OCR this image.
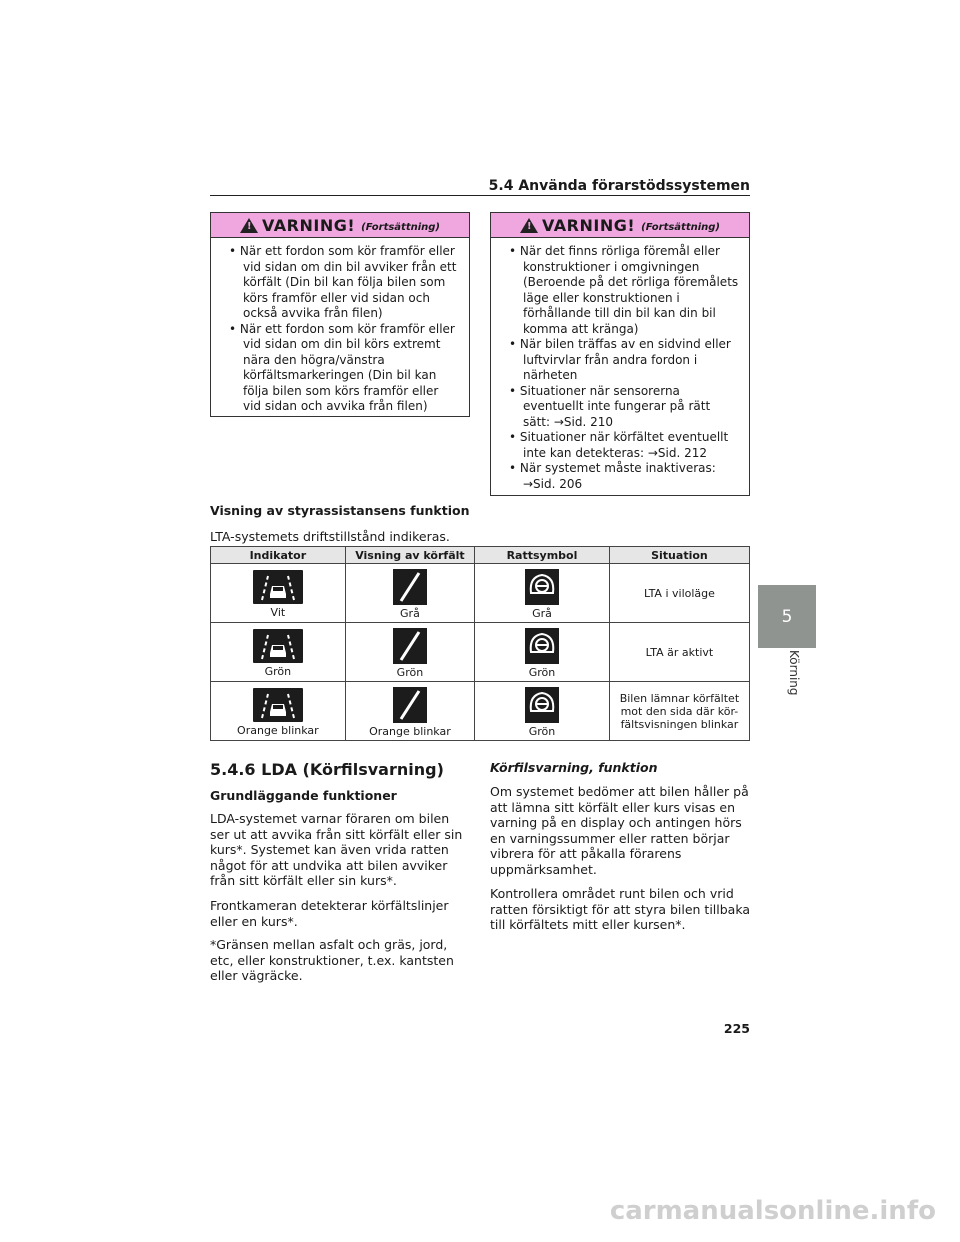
5.4 Använda förarstödssystemen
!
VARNING! (Fortsättning)
• När ett fordon som kör framför eller vid sidan om din bil avviker från ett körfält (Din bil kan följa bilen som körs framför eller vid sidan och också avvika från filen)
• När ett fordon som kör framför eller vid sidan om din bil körs extremt nära den högra/vänstra körfältsmarkeringen (Din bil kan följa bilen som körs framför eller vid sidan och avvika från filen)
!
VARNING! (Fortsättning)
• När det finns rörliga föremål eller konstruktioner i omgivningen (Beroende på det rörliga föremålets läge eller konstruktionen i förhållande till din bil kan din bil komma att kränga)
• När bilen träffas av en sidvind eller luftvirvlar från andra fordon i närheten
• Situationer när sensorerna eventuellt inte fungerar på rätt sätt: →Sid. 210
• Situationer när körfältet eventuellt inte kan detekteras: →Sid. 212
• När systemet måste inaktiveras: →Sid. 206
Visning av styrassistansens funktion
LTA-systemets driftstillstånd indikeras.
Indikator	Visning av körfält	Rattsymbol	Situation

Vit	Grå	Grå	LTA i viloläge

Grön	Grön	Grön	LTA är aktivt

Orange blinkar	Orange blinkar	Grön	Bilen lämnar körfältet mot den sida där kör-fältsvisningen blinkar
5
Körning
5.4.6 LDA (Körfilsvarning)
Grundläggande funktioner
LDA-systemet varnar föraren om bilen ser ut att avvika från sitt körfält eller sin kurs*. Systemet kan även vrida ratten något för att undvika att bilen avviker från sitt körfält eller sin kurs*.
Frontkameran detekterar körfältslinjer eller en kurs*.
*Gränsen mellan asfalt och gräs, jord, etc, eller konstruktioner, t.ex. kantsten eller vägräcke.
Körfilsvarning, funktion
Om systemet bedömer att bilen håller på att lämna sitt körfält eller kurs visas en varning på en display och antingen hörs en varningssummer eller ratten börjar vibrera för att påkalla förarens uppmärksamhet.
Kontrollera området runt bilen och vrid ratten försiktigt för att styra bilen tillbaka till körfältets mitt eller kursen*.
225
carmanualsonline.info
